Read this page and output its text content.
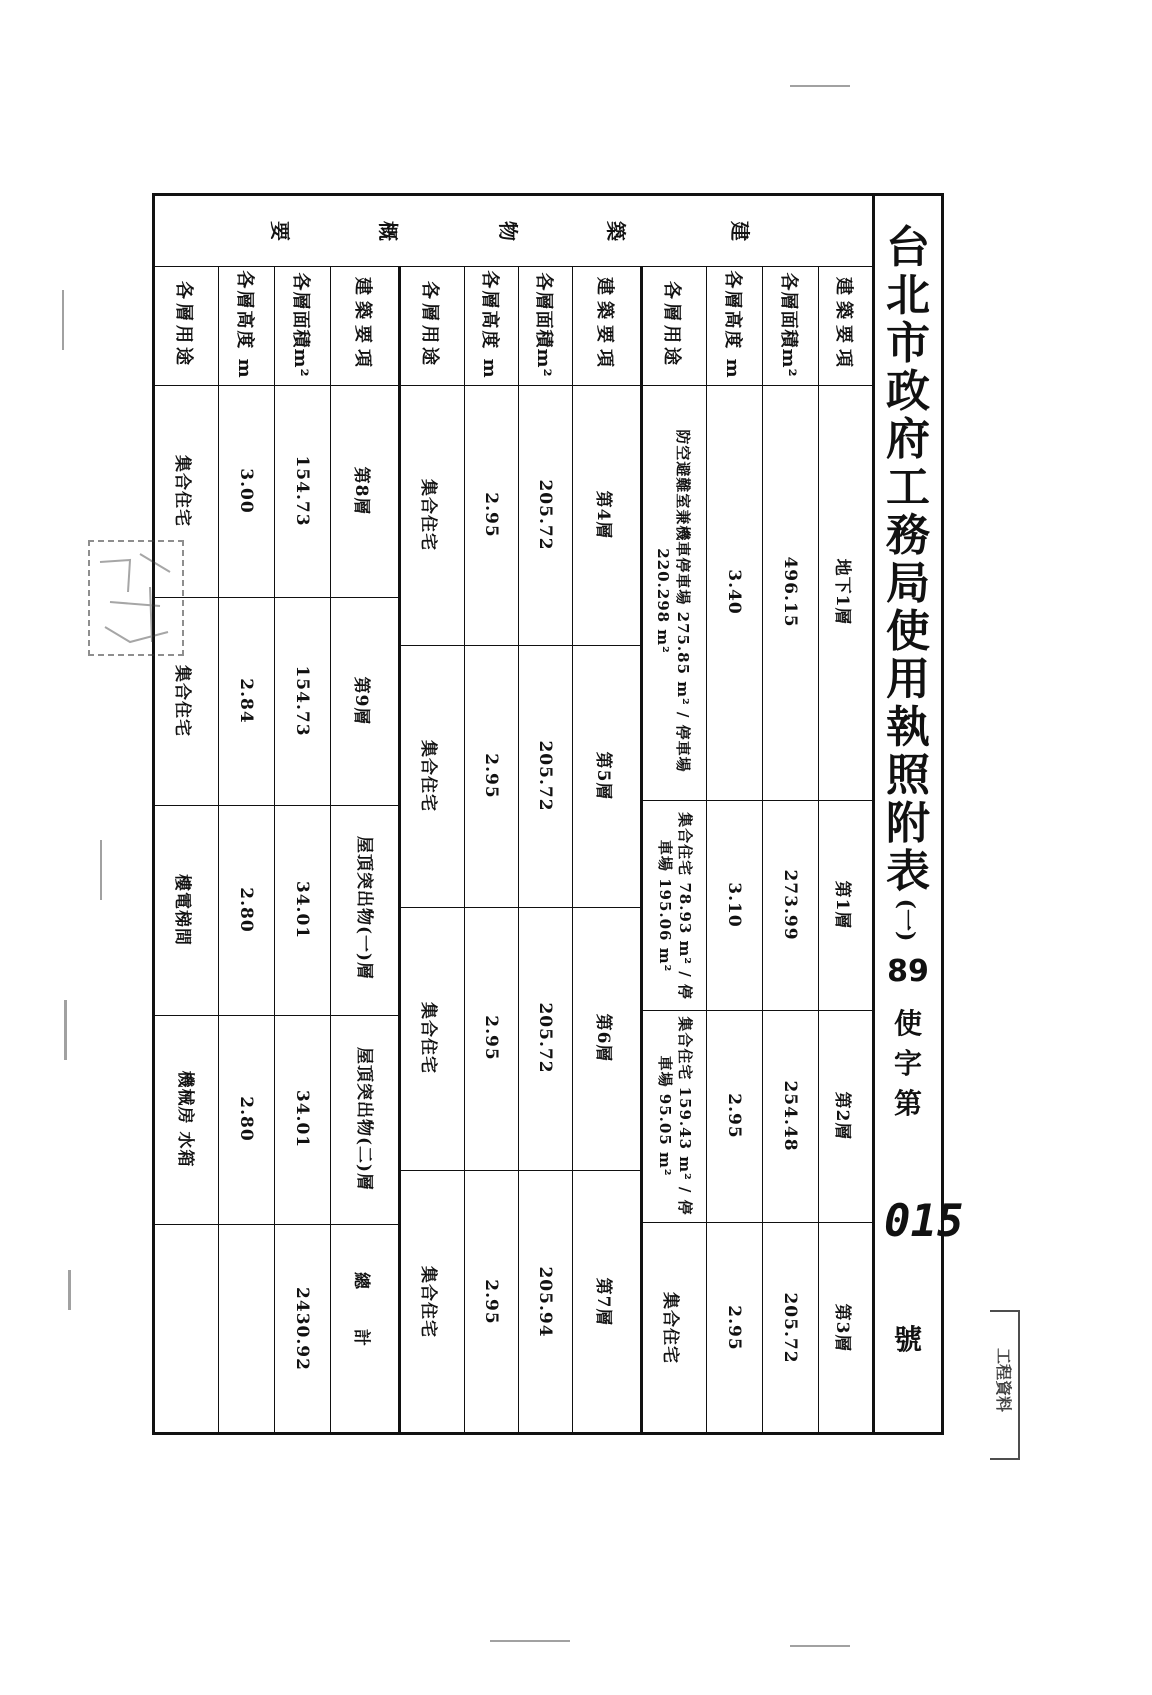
台
北
市
政
府
工
務
局
使
用
執
照
附
表
(一)
89
使
字
第
015
號
建
築
物
概
要
建築要項
各層面積m²
各層高度 m
各層用途
地下1層
496.15
3.40
防空避難室兼機車停車場 275.85 m² / 停車場 220.298 m²
第1層
273.99
3.10
集合住宅 78.93 m² / 停車場 195.06 m²
第2層
254.48
2.95
集合住宅 159.43 m² / 停車場 95.05 m²
第3層
205.72
2.95
集合住宅
建築要項
各層面積m²
各層高度 m
各層用途
第4層
205.72
2.95
集合住宅
第5層
205.72
2.95
集合住宅
第6層
205.72
2.95
集合住宅
第7層
205.94
2.95
集合住宅
建築要項
各層面積m²
各層高度 m
各層用途
第8層
154.73
3.00
集合住宅
第9層
154.73
2.84
集合住宅
屋頂突出物(一)層
34.01
2.80
樓電梯間
屋頂突出物(二)層
34.01
2.80
機械房 水箱
總計
2430.92
工程資料
